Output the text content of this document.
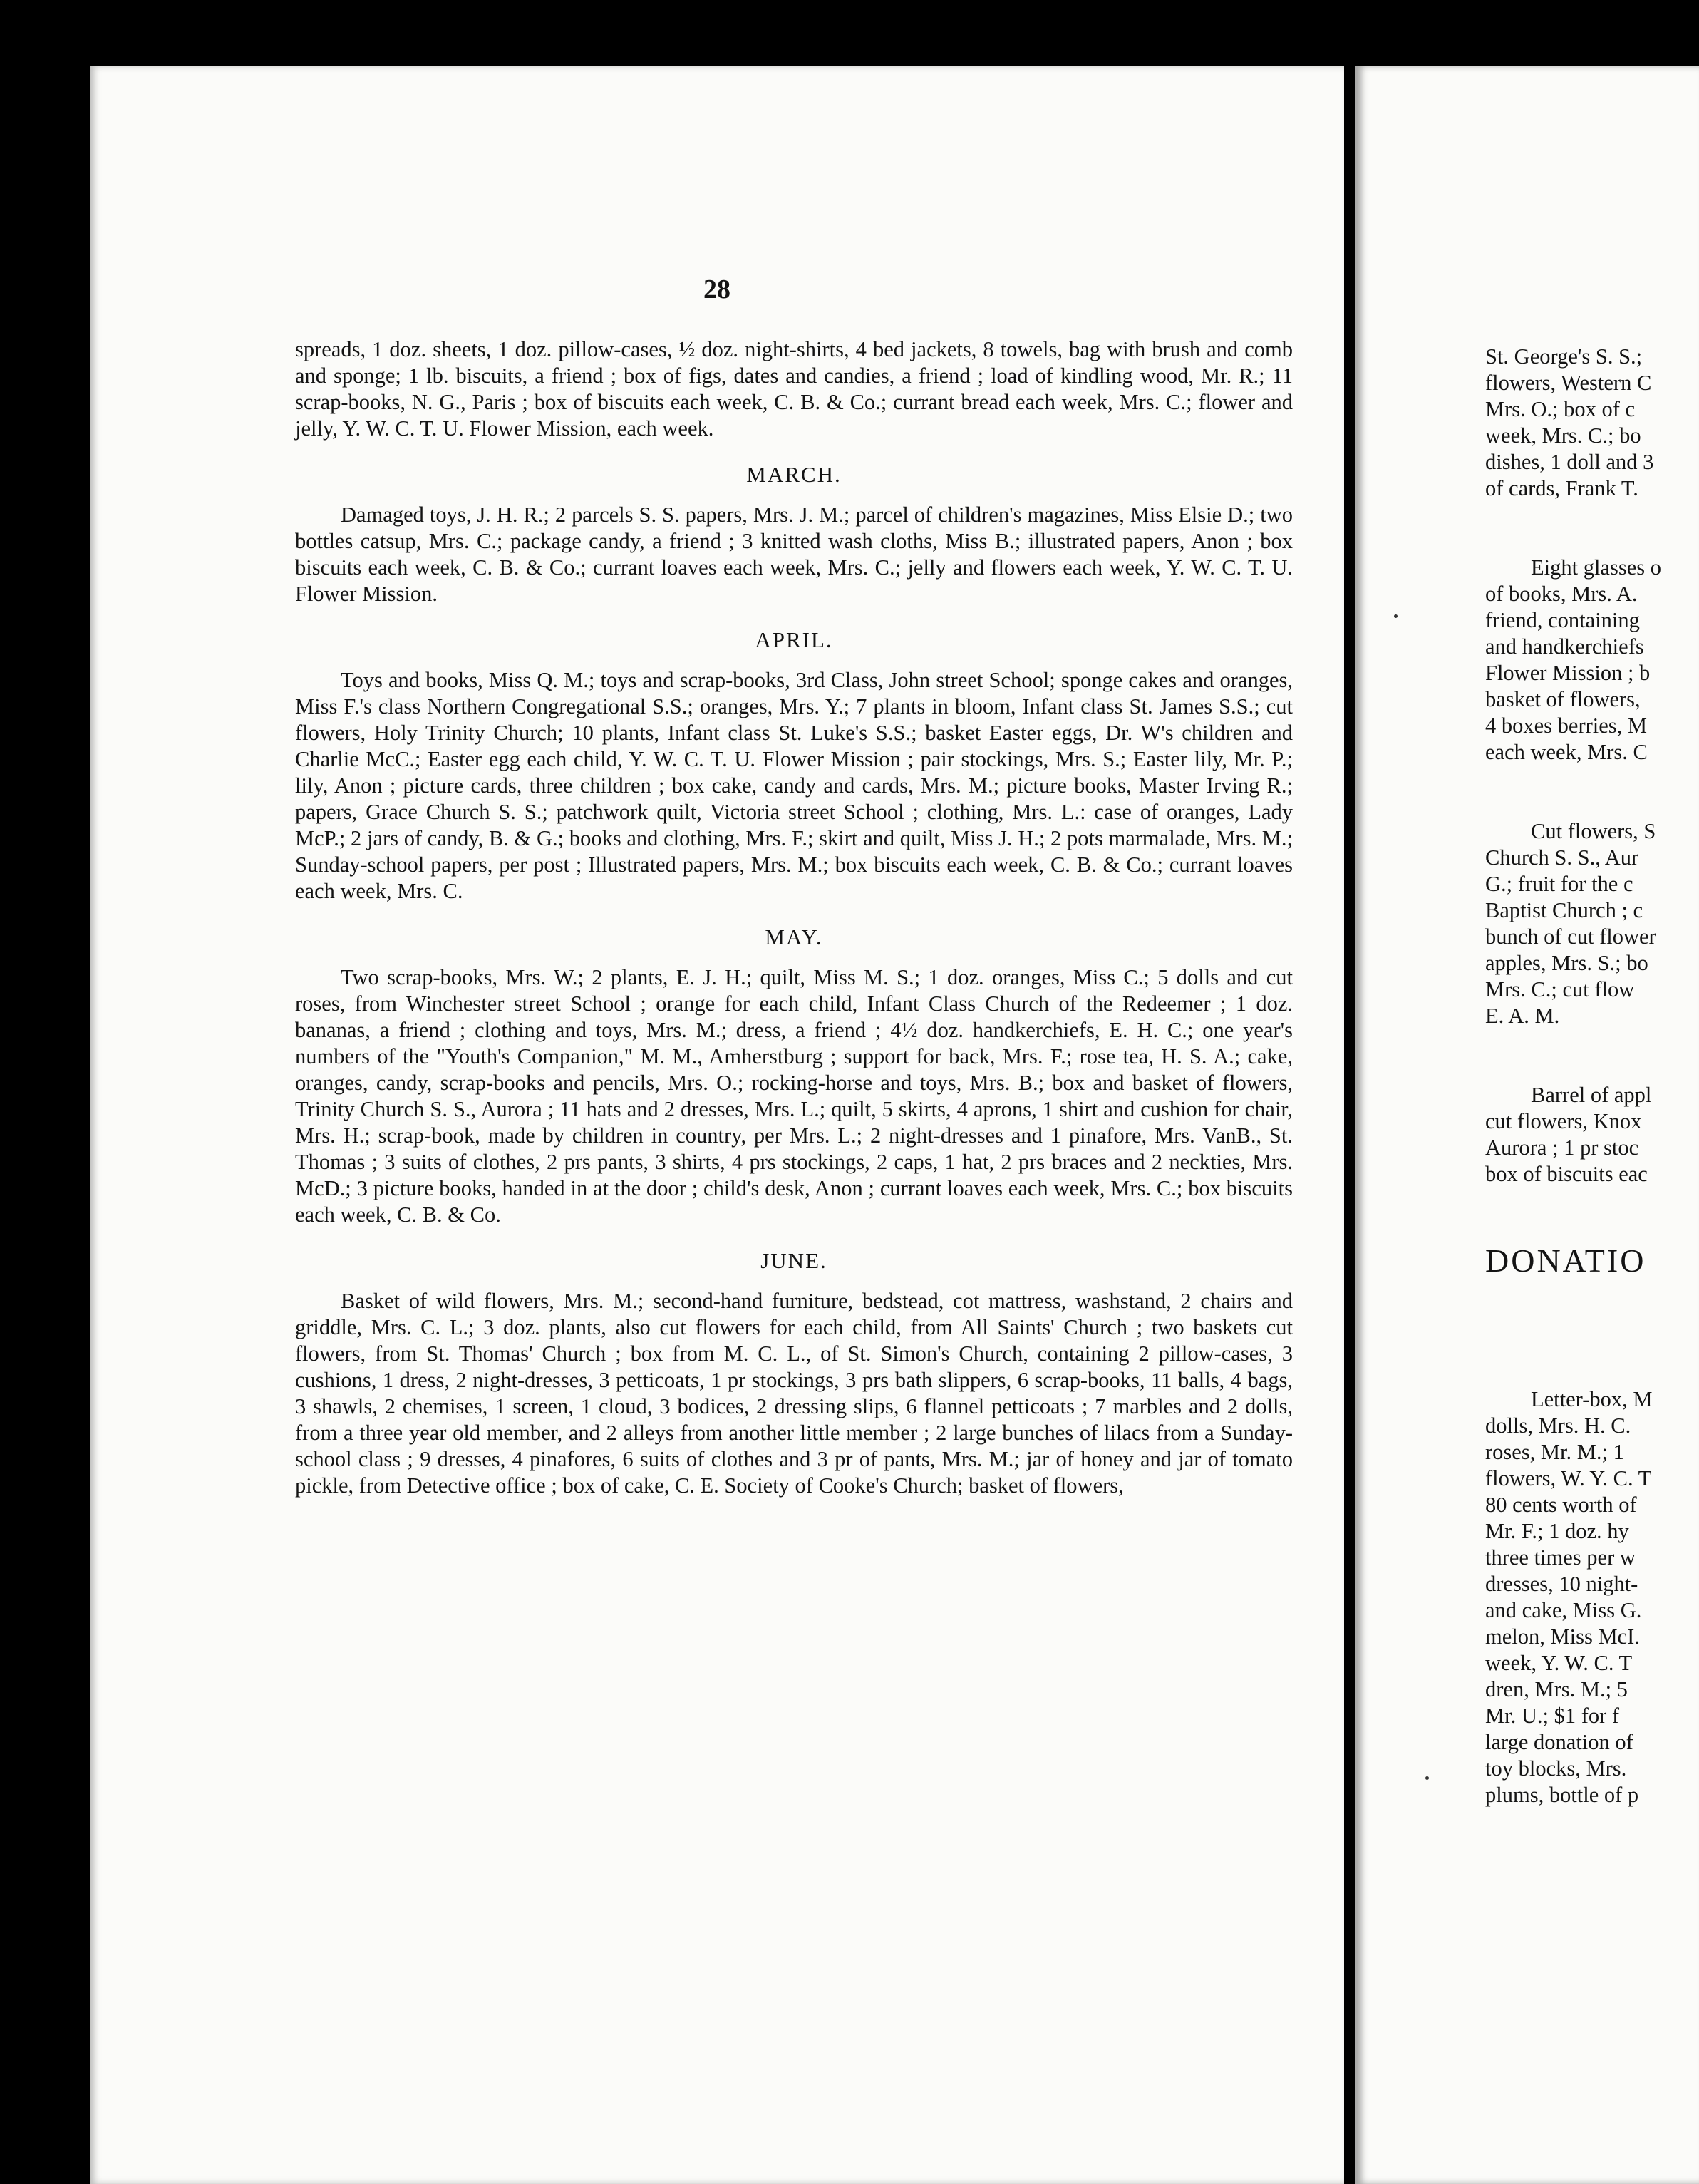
28

spreads, 1 doz. sheets, 1 doz. pillow-cases, ½ doz. night-shirts, 4 bed jackets, 8 towels, bag with brush and comb and sponge; 1 lb. biscuits, a friend ; box of figs, dates and candies, a friend ; load of kindling wood, Mr. R.; 11 scrap-books, N. G., Paris ; box of biscuits each week, C. B. & Co.; currant bread each week, Mrs. C.; flower and jelly, Y. W. C. T. U. Flower Mission, each week.

MARCH.

Damaged toys, J. H. R.; 2 parcels S. S. papers, Mrs. J. M.; parcel of children's magazines, Miss Elsie D.; two bottles catsup, Mrs. C.; package candy, a friend ; 3 knitted wash cloths, Miss B.; illustrated papers, Anon ; box biscuits each week, C. B. & Co.; currant loaves each week, Mrs. C.; jelly and flowers each week, Y. W. C. T. U. Flower Mission.

APRIL.

Toys and books, Miss Q. M.; toys and scrap-books, 3rd Class, John street School; sponge cakes and oranges, Miss F.'s class Northern Congregational S.S.; oranges, Mrs. Y.; 7 plants in bloom, Infant class St. James S.S.; cut flowers, Holy Trinity Church; 10 plants, Infant class St. Luke's S.S.; basket Easter eggs, Dr. W's children and Charlie McC.; Easter egg each child, Y. W. C. T. U. Flower Mission ; pair stockings, Mrs. S.; Easter lily, Mr. P.; lily, Anon ; picture cards, three children ; box cake, candy and cards, Mrs. M.; picture books, Master Irving R.; papers, Grace Church S. S.; patchwork quilt, Victoria street School ; clothing, Mrs. L.: case of oranges, Lady McP.; 2 jars of candy, B. & G.; books and clothing, Mrs. F.; skirt and quilt, Miss J. H.; 2 pots marmalade, Mrs. M.; Sunday-school papers, per post ; Illustrated papers, Mrs. M.; box biscuits each week, C. B. & Co.; currant loaves each week, Mrs. C.

MAY.

Two scrap-books, Mrs. W.; 2 plants, E. J. H.; quilt, Miss M. S.; 1 doz. oranges, Miss C.; 5 dolls and cut roses, from Winchester street School ; orange for each child, Infant Class Church of the Redeemer ; 1 doz. bananas, a friend ; clothing and toys, Mrs. M.; dress, a friend ; 4½ doz. handkerchiefs, E. H. C.; one year's numbers of the "Youth's Companion," M. M., Amherstburg ; support for back, Mrs. F.; rose tea, H. S. A.; cake, oranges, candy, scrap-books and pencils, Mrs. O.; rocking-horse and toys, Mrs. B.; box and basket of flowers, Trinity Church S. S., Aurora ; 11 hats and 2 dresses, Mrs. L.; quilt, 5 skirts, 4 aprons, 1 shirt and cushion for chair, Mrs. H.; scrap-book, made by children in country, per Mrs. L.; 2 night-dresses and 1 pinafore, Mrs. VanB., St. Thomas ; 3 suits of clothes, 2 prs pants, 3 shirts, 4 prs stockings, 2 caps, 1 hat, 2 prs braces and 2 neckties, Mrs. McD.; 3 picture books, handed in at the door ; child's desk, Anon ; currant loaves each week, Mrs. C.; box biscuits each week, C. B. & Co.

JUNE.

Basket of wild flowers, Mrs. M.; second-hand furniture, bedstead, cot mattress, washstand, 2 chairs and griddle, Mrs. C. L.; 3 doz. plants, also cut flowers for each child, from All Saints' Church ; two baskets cut flowers, from St. Thomas' Church ; box from M. C. L., of St. Simon's Church, containing 2 pillow-cases, 3 cushions, 1 dress, 2 night-dresses, 3 petticoats, 1 pr stockings, 3 prs bath slippers, 6 scrap-books, 11 balls, 4 bags, 3 shawls, 2 chemises, 1 screen, 1 cloud, 3 bodices, 2 dressing slips, 6 flannel petticoats ; 7 marbles and 2 dolls, from a three year old member, and 2 alleys from another little member ; 2 large bunches of lilacs from a Sunday-school class ; 9 dresses, 4 pinafores, 6 suits of clothes and 3 pr of pants, Mrs. M.; jar of honey and jar of tomato pickle, from Detective office ; box of cake, C. E. Society of Cooke's Church; basket of flowers,

St. George's S. S.;

flowers, Western C

Mrs. O.; box of c

week, Mrs. C.; bo

dishes, 1 doll and 3

of cards, Frank T.

Eight glasses o

of books, Mrs. A.

friend, containing

and handkerchiefs

Flower Mission ; b

basket of flowers,

4 boxes berries, M

each week, Mrs. C

Cut flowers, S

Church S. S., Aur

G.; fruit for the c

Baptist Church ; c

bunch of cut flower

apples, Mrs. S.; bo

Mrs. C.; cut flow

E. A. M.

Barrel of appl

cut flowers, Knox

Aurora ; 1 pr stoc

box of biscuits eac

DONATIO

Letter-box, M

dolls, Mrs. H. C.

roses, Mr. M.; 1

flowers, W. Y. C. T

80 cents worth of

Mr. F.; 1 doz. hy

three times per w

dresses, 10 night-

and cake, Miss G.

melon, Miss McI.

week, Y. W. C. T

dren, Mrs. M.; 5

Mr. U.; $1 for f

large donation of

toy blocks, Mrs.

plums, bottle of p
